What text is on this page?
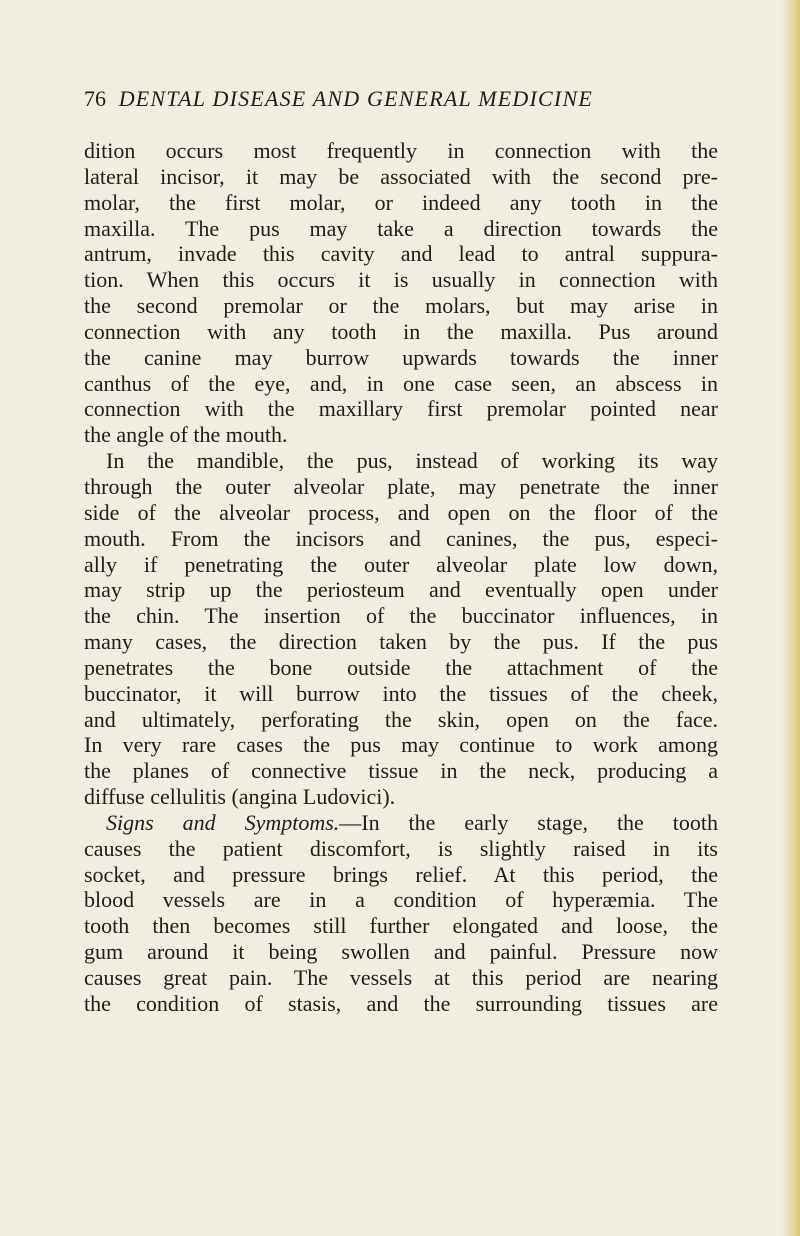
76 DENTAL DISEASE AND GENERAL MEDICINE
dition occurs most frequently in connection with the
lateral incisor, it may be associated with the second pre-
molar, the first molar, or indeed any tooth in the
maxilla. The pus may take a direction towards the
antrum, invade this cavity and lead to antral suppura-
tion. When this occurs it is usually in connection with
the second premolar or the molars, but may arise in
connection with any tooth in the maxilla. Pus around
the canine may burrow upwards towards the inner
canthus of the eye, and, in one case seen, an abscess in
connection with the maxillary first premolar pointed near
the angle of the mouth.
In the mandible, the pus, instead of working its way
through the outer alveolar plate, may penetrate the inner
side of the alveolar process, and open on the floor of the
mouth. From the incisors and canines, the pus, especi-
ally if penetrating the outer alveolar plate low down,
may strip up the periosteum and eventually open under
the chin. The insertion of the buccinator influences, in
many cases, the direction taken by the pus. If the pus
penetrates the bone outside the attachment of the
buccinator, it will burrow into the tissues of the cheek,
and ultimately, perforating the skin, open on the face.
In very rare cases the pus may continue to work among
the planes of connective tissue in the neck, producing a
diffuse cellulitis (angina Ludovici).
Signs and Symptoms.—In the early stage, the tooth
causes the patient discomfort, is slightly raised in its
socket, and pressure brings relief. At this period, the
blood vessels are in a condition of hyperæmia. The
tooth then becomes still further elongated and loose, the
gum around it being swollen and painful. Pressure now
causes great pain. The vessels at this period are nearing
the condition of stasis, and the surrounding tissues are
